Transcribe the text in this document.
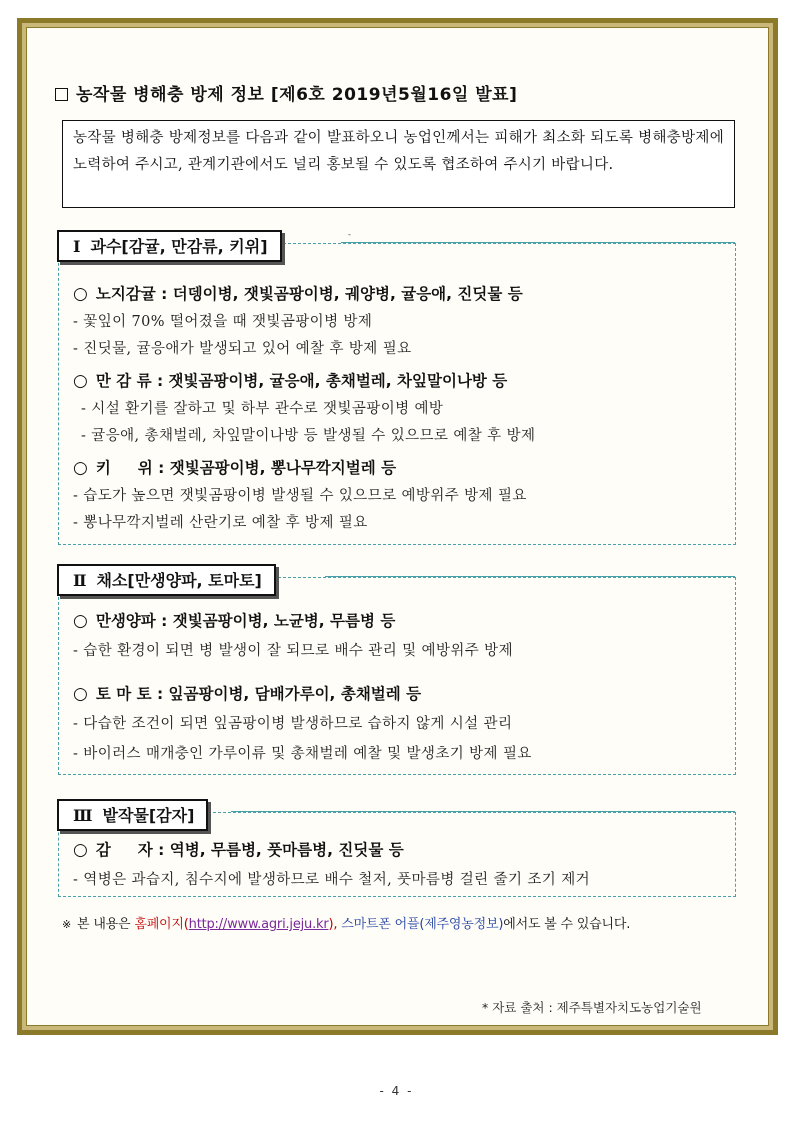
농작물 병해충 방제 정보 [제6호 2019년5월16일 발표]
농작물 병해충 방제정보를 다음과 같이 발표하오니 농업인께서는 피해가 최소화 되도록 병해충방제에 노력하여 주시고, 관계기관에서도 널리 홍보될 수 있도록 협조하여 주시기 바랍니다.
Ⅰ 과수[감귤, 만감류, 키위]
-
○ 노지감귤 : 더뎅이병, 잿빛곰팡이병, 궤양병, 귤응애, 진딧물 등
- 꽃잎이 70% 떨어졌을 때 잿빛곰팡이병 방제
- 진딧물, 귤응애가 발생되고 있어 예찰 후 방제 필요
○ 만 감 류 : 잿빛곰팡이병, 귤응애, 총채벌레, 차잎말이나방 등
- 시설 환기를 잘하고 및 하부 관수로 잿빛곰팡이병 예방
- 귤응애, 총채벌레, 차잎말이나방 등 발생될 수 있으므로 예찰 후 방제
○ 키     위 : 잿빛곰팡이병, 뽕나무깍지벌레 등
- 습도가 높으면 잿빛곰팡이병 발생될 수 있으므로 예방위주 방제 필요
- 뽕나무깍지벌레 산란기로 예찰 후 방제 필요
Ⅱ 채소[만생양파, 토마토]
○ 만생양파 : 잿빛곰팡이병, 노균병, 무름병 등
- 습한 환경이 되면 병 발생이 잘 되므로 배수 관리 및 예방위주 방제
○ 토 마 토 : 잎곰팡이병, 담배가루이, 총채벌레 등
- 다습한 조건이 되면 잎곰팡이병 발생하므로 습하지 않게 시설 관리
- 바이러스 매개충인 가루이류 및 총채벌레 예찰 및 발생초기 방제 필요
Ⅲ 밭작물[감자]
○ 감     자 : 역병, 무름병, 풋마름병, 진딧물 등
- 역병은 과습지, 침수지에 발생하므로 배수 철저, 풋마름병 걸린 줄기 조기 제거
※ 본 내용은 홈페이지(http://www.agri.jeju.kr), 스마트폰 어플(제주영농정보)에서도 볼 수 있습니다.
* 자료 출처 : 제주특별자치도농업기술원
- 4 -
